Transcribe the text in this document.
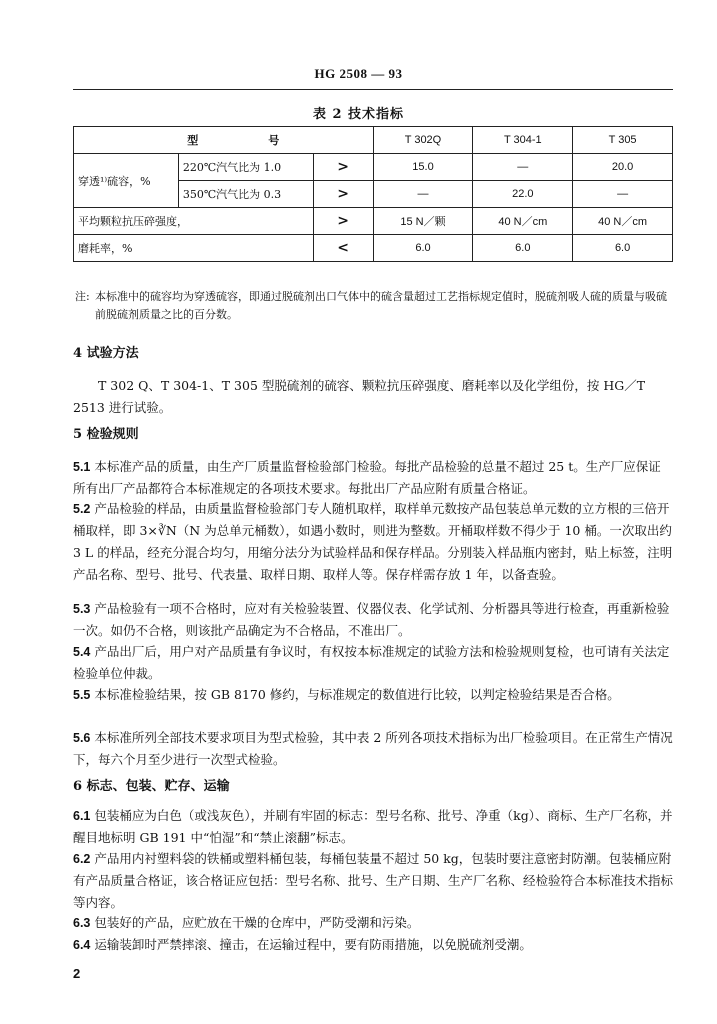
HG 2508 — 93
表 2 技术指标
型号			T 302Q	T 304-1	T 305
穿透¹⁾硫容，%	220℃汽气比为 1.0	>	15.0	—	20.0
	350℃汽气比为 0.3	>	—	22.0	—
平均颗粒抗压碎强度，		>	15 N／颗	40 N／cm	40 N／cm
磨耗率，%		<	6.0	6.0	6.0
注: 本标准中的硫容均为穿透硫容，即通过脱硫剂出口气体中的硫含量超过工艺指标规定值时，脱硫剂吸人硫的质量与吸硫前脱硫剂质量之比的百分数。
4 试验方法
T 302 Q、T 304-1、T 305 型脱硫剂的硫容、颗粒抗压碎强度、磨耗率以及化学组份，按 HG／T 2513 进行试验。
5 检验规则
5.1 本标准产品的质量，由生产厂质量监督检验部门检验。每批产品检验的总量不超过 25 t。生产厂应保证所有出厂产品都符合本标准规定的各项技术要求。每批出厂产品应附有质量合格证。
5.2 产品检验的样品，由质量监督检验部门专人随机取样，取样单元数按产品包装总单元数的立方根的三倍开桶取样，即 3×∛N（N 为总单元桶数），如遇小数时，则进为整数。开桶取样数不得少于 10 桶。一次取出约 3 L 的样品，经充分混合均匀，用缩分法分为试验样品和保存样品。分别装入样品瓶内密封，贴上标签，注明产品名称、型号、批号、代表量、取样日期、取样人等。保存样需存放 1 年，以备查验。
5.3 产品检验有一项不合格时，应对有关检验装置、仪器仪表、化学试剂、分析器具等进行检查，再重新检验一次。如仍不合格，则该批产品确定为不合格品，不准出厂。
5.4 产品出厂后，用户对产品质量有争议时，有权按本标准规定的试验方法和检验规则复检，也可请有关法定检验单位仲裁。
5.5 本标准检验结果，按 GB 8170 修约，与标准规定的数值进行比较，以判定检验结果是否合格。
5.6 本标准所列全部技术要求项目为型式检验，其中表 2 所列各项技术指标为出厂检验项目。在正常生产情况下，每六个月至少进行一次型式检验。
6 标志、包装、贮存、运输
6.1 包装桶应为白色（或浅灰色），并刷有牢固的标志：型号名称、批号、净重（kg）、商标、生产厂名称，并醒目地标明 GB 191 中“怕湿”和“禁止滚翻”标志。
6.2 产品用内衬塑料袋的铁桶或塑料桶包装，每桶包装量不超过 50 kg，包装时要注意密封防潮。包装桶应附有产品质量合格证，该合格证应包括：型号名称、批号、生产日期、生产厂名称、经检验符合本标准技术指标等内容。
6.3 包装好的产品，应贮放在干燥的仓库中，严防受潮和污染。
6.4 运输装卸时严禁摔滚、撞击，在运输过程中，要有防雨措施，以免脱硫剂受潮。
2
